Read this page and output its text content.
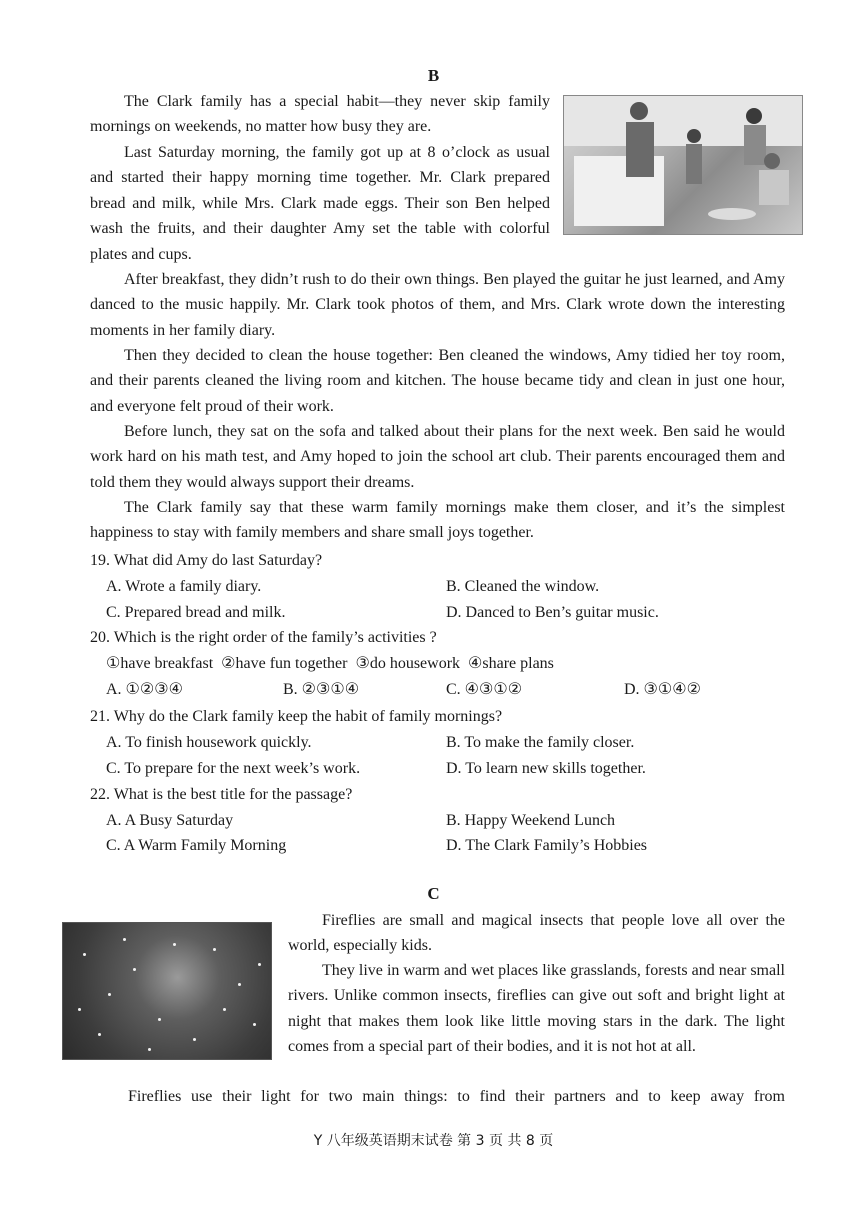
B
The Clark family has a special habit—they never skip family mornings on weekends, no matter how busy they are.
Last Saturday morning, the family got up at 8 o’clock as usual and started their happy morning time together. Mr. Clark prepared bread and milk, while Mrs. Clark made eggs. Their son Ben helped wash the fruits, and their daughter Amy set the table with colorful plates and cups.
After breakfast, they didn’t rush to do their own things. Ben played the guitar he just learned, and Amy danced to the music happily. Mr. Clark took photos of them, and Mrs. Clark wrote down the interesting moments in her family diary.
Then they decided to clean the house together: Ben cleaned the windows, Amy tidied her toy room, and their parents cleaned the living room and kitchen. The house became tidy and clean in just one hour, and everyone felt proud of their work.
Before lunch, they sat on the sofa and talked about their plans for the next week. Ben said he would work hard on his math test, and Amy hoped to join the school art club. Their parents encouraged them and told them they would always support their dreams.
The Clark family say that these warm family mornings make them closer, and it’s the simplest happiness to stay with family members and share small joys together.
19. What did Amy do last Saturday?
A. Wrote a family diary.	B. Cleaned the window.
C. Prepared bread and milk.	D. Danced to Ben’s guitar music.
20. Which is the right order of the family’s activities ?
①have breakfast  ②have fun together  ③do housework  ④share plans
A. ①②③④	B. ②③①④	C. ④③①②	D. ③①④②
21. Why do the Clark family keep the habit of family mornings?
A. To finish housework quickly.	B. To make the family closer.
C. To prepare for the next week’s work.	D. To learn new skills together.
22. What is the best title for the passage?
A. A Busy Saturday	B. Happy Weekend Lunch
C. A Warm Family Morning	D. The Clark Family’s Hobbies
C
Fireflies are small and magical insects that people love all over the world, especially kids.
They live in warm and wet places like grasslands, forests and near small rivers. Unlike common insects, fireflies can give out soft and bright light at night that makes them look like little moving stars in the dark. The light comes from a special part of their bodies, and it is not hot at all.
Fireflies use their light for two main things: to find their partners and to keep away from
Y 八年级英语期末试卷 第 3 页 共 8 页
